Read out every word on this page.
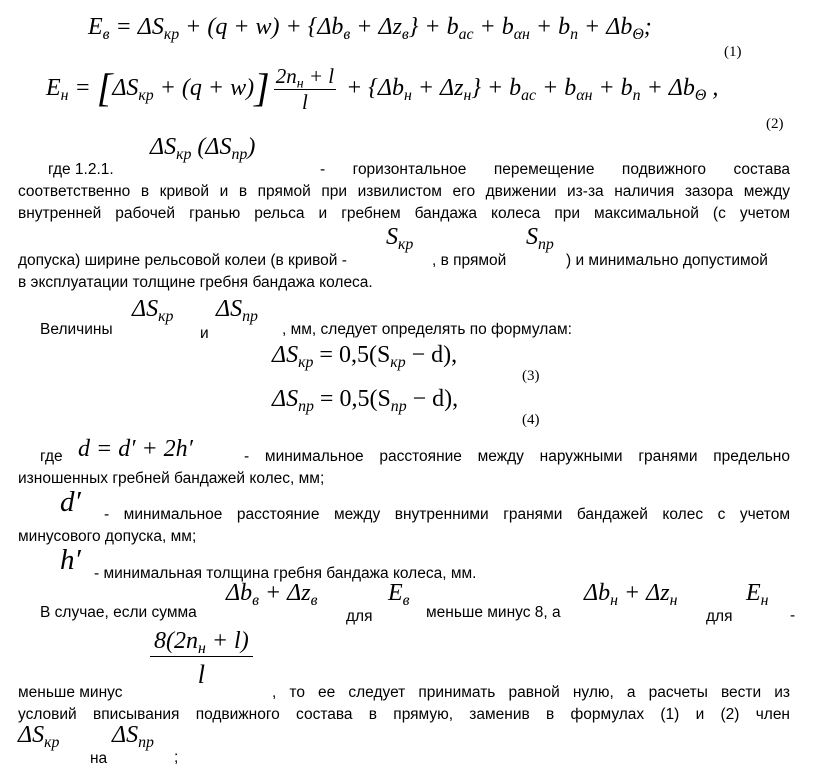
$E_в = \Delta S_{кр} + (q + w) + \{\Delta b_в + \Delta z_в\} + b_{ac} + b_{\alpha н} + b_п + \Delta b_\Theta$;
(1)
$E_н = [\Delta S_{кр} + (q + w)] \frac{2n_н + l}{l} + \{\Delta b_н + \Delta z_н\} + b_{ac} + b_{\alpha н} + b_п + \Delta b_\Theta$ ,
(2)
где 1.2.1.
$\Delta S_{кр}$ $(\Delta S_{пр})$
- горизонтальное перемещение подвижного состава
соответственно в кривой и в прямой при извилистом его движении из-за наличия зазора между
внутренней рабочей гранью рельса и гребнем бандажа колеса при максимальной (с учетом
допуска) ширине рельсовой колеи (в кривой -
$S_{кр}$
, в прямой
$S_{пр}$
) и минимально допустимой
в эксплуатации толщине гребня бандажа колеса.
Величины
$\Delta S_{кр}$
и
$\Delta S_{пр}$
, мм, следует определять по формулам:
$\Delta S_{кр} = 0,5(S_{кр} - d)$,
(3)
$\Delta S_{пр} = 0,5(S_{пр} - d)$,
(4)
где d = d′ + 2h′	- минимальное расстояние между наружными гранями предельно
изношенных гребней бандажей колес, мм;
d′ - минимальное расстояние между внутренними гранями бандажей колес с учетом
минусового допуска, мм;
h′ - минимальная толщина гребня бандажа колеса, мм.
В случае, если сумма
$\Delta b_в + \Delta z_в$
для
$E_в$
меньше минус 8, а
$\Delta b_н + \Delta z_н$
для
$E_н$
-
$8(2n_н + l)$
l
меньше минус	, то ее следует принимать равной нулю, а расчеты вести из
условий вписывания подвижного состава в прямую, заменив в формулах (1) и (2) член
$\Delta S_{кр}$
на
$\Delta S_{пр}$
;
